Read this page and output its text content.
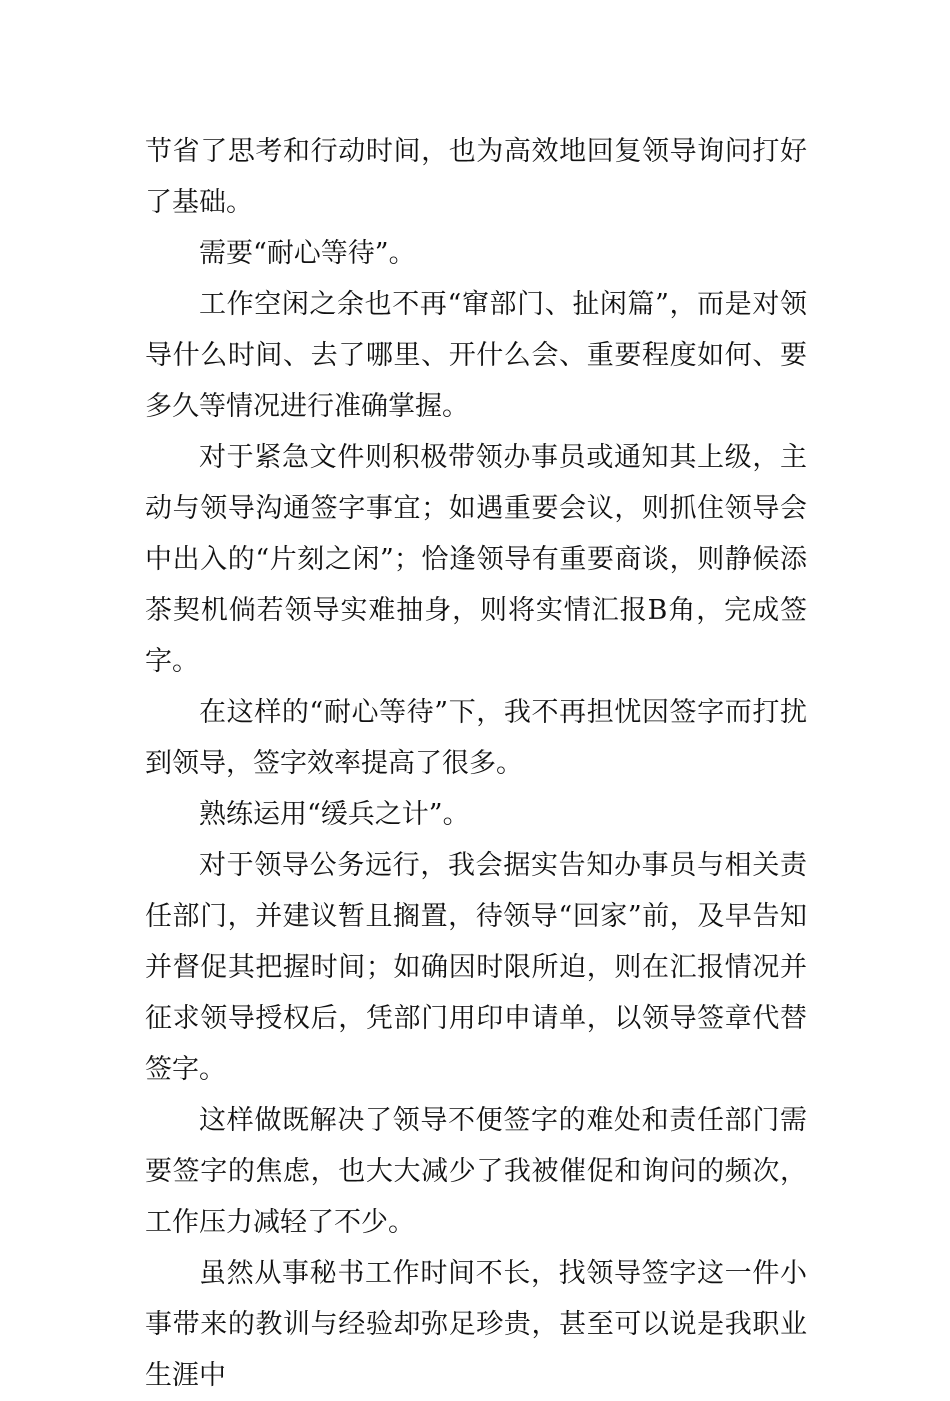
节省了思考和行动时间，也为高效地回复领导询问打好了基础。

需要“耐心等待”。

工作空闲之余也不再“窜部门、扯闲篇”，而是对领导什么时间、去了哪里、开什么会、重要程度如何、要多久等情况进行准确掌握。

对于紧急文件则积极带领办事员或通知其上级，主动与领导沟通签字事宜；如遇重要会议，则抓住领导会中出入的“片刻之闲”；恰逢领导有重要商谈，则静候添茶契机倘若领导实难抽身，则将实情汇报B角，完成签字。

在这样的“耐心等待”下，我不再担忧因签字而打扰到领导，签字效率提高了很多。

熟练运用“缓兵之计”。

对于领导公务远行，我会据实告知办事员与相关责任部门，并建议暂且搁置，待领导“回家”前，及早告知并督促其把握时间；如确因时限所迫，则在汇报情况并征求领导授权后，凭部门用印申请单，以领导签章代替签字。

这样做既解决了领导不便签字的难处和责任部门需要签字的焦虑，也大大减少了我被催促和询问的频次，工作压力减轻了不少。

虽然从事秘书工作时间不长，找领导签字这一件小事带来的教训与经验却弥足珍贵，甚至可以说是我职业生涯中
